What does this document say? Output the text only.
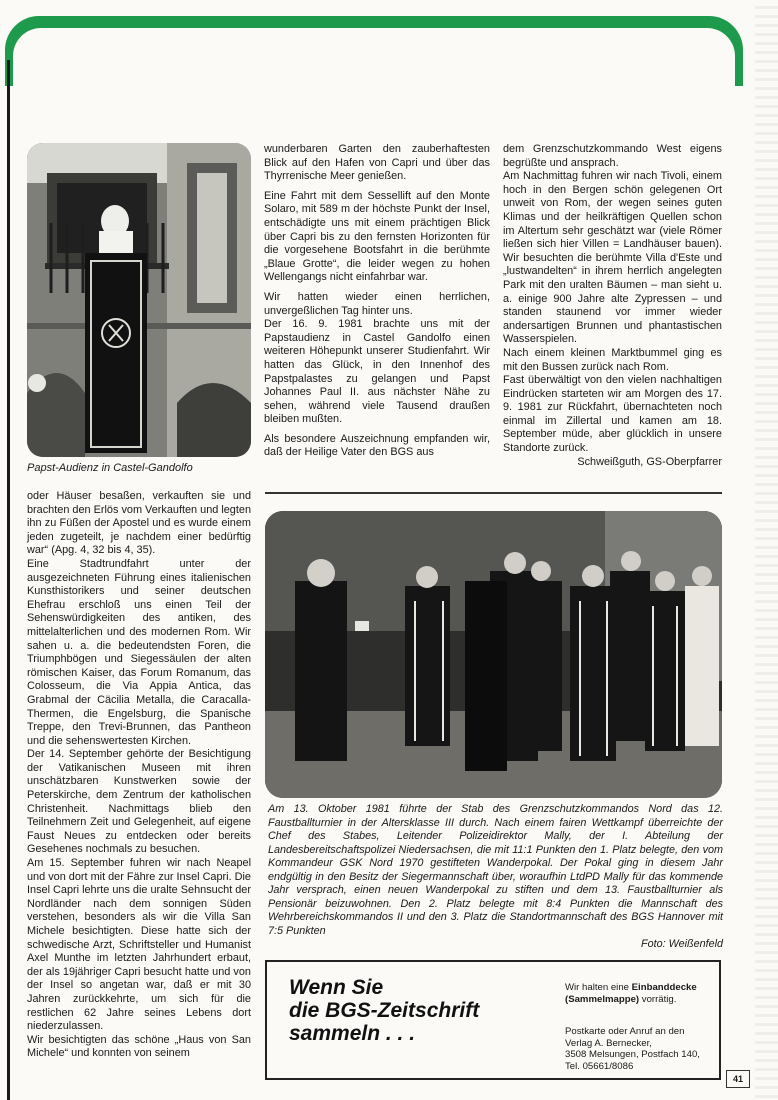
Papst-Audienz in Castel-Gandolfo

wunderbaren Garten den zauberhaftesten Blick auf den Hafen von Capri und über das Thyrrenische Meer genießen.

Eine Fahrt mit dem Sessellift auf den Monte Solaro, mit 589 m der höchste Punkt der Insel, entschädigte uns mit einem prächtigen Blick über Capri bis zu den fernsten Horizonten für die vorgesehene Bootsfahrt in die berühmte „Blaue Grotte“, die leider wegen zu hohen Wellengangs nicht einfahrbar war.

Wir hatten wieder einen herrlichen, unvergeßlichen Tag hinter uns.

Der 16. 9. 1981 brachte uns mit der Papstaudienz in Castel Gandolfo einen weiteren Höhepunkt unserer Studienfahrt. Wir hatten das Glück, in den Innenhof des Papstpalastes zu gelangen und Papst Johannes Paul II. aus nächster Nähe zu sehen, während viele Tausend draußen bleiben mußten.

Als besondere Auszeichnung empfanden wir, daß der Heilige Vater den BGS aus

dem Grenzschutzkommando West eigens begrüßte und ansprach.

Am Nachmittag fuhren wir nach Tivoli, einem hoch in den Bergen schön gelegenen Ort unweit von Rom, der wegen seines guten Klimas und der heilkräftigen Quellen schon im Altertum sehr geschätzt war (viele Römer ließen sich hier Villen = Landhäuser bauen). Wir besuchten die berühmte Villa d'Este und „lustwandelten“ in ihrem herrlich angelegten Park mit den uralten Bäumen – man sieht u. a. einige 900 Jahre alte Zypressen – und standen staunend vor immer wieder andersartigen Brunnen und phantastischen Wasserspielen.

Nach einem kleinen Marktbummel ging es mit den Bussen zurück nach Rom.

Fast überwältigt von den vielen nachhaltigen Eindrücken starteten wir am Morgen des 17. 9. 1981 zur Rückfahrt, übernachteten noch einmal im Zillertal und kamen am 18. September müde, aber glücklich in unsere Standorte zurück.

Schweißguth, GS-Oberpfarrer

oder Häuser besaßen, verkauften sie und brachten den Erlös vom Verkauften und legten ihn zu Füßen der Apostel und es wurde einem jeden zugeteilt, je nachdem einer bedürftig war“ (Apg. 4, 32 bis 4, 35).

Eine Stadtrundfahrt unter der ausgezeichneten Führung eines italienischen Kunsthistorikers und seiner deutschen Ehefrau erschloß uns einen Teil der Sehenswürdigkeiten des antiken, des mittelalterlichen und des modernen Rom. Wir sahen u. a. die bedeutendsten Foren, die Triumphbögen und Siegessäulen der alten römischen Kaiser, das Forum Romanum, das Colosseum, die Via Appia Antica, das Grabmal der Cäcilia Metalla, die Caracalla-Thermen, die Engelsburg, die Spanische Treppe, den Trevi-Brunnen, das Pantheon und die sehenswertesten Kirchen.

Der 14. September gehörte der Besichtigung der Vatikanischen Museen mit ihren unschätzbaren Kunstwerken sowie der Peterskirche, dem Zentrum der katholischen Christenheit. Nachmittags blieb den Teilnehmern Zeit und Gelegenheit, auf eigene Faust Neues zu entdecken oder bereits Gesehenes nochmals zu besuchen.

Am 15. September fuhren wir nach Neapel und von dort mit der Fähre zur Insel Capri. Die Insel Capri lehrte uns die uralte Sehnsucht der Nordländer nach dem sonnigen Süden verstehen, besonders als wir die Villa San Michele besichtigten. Diese hatte sich der schwedische Arzt, Schriftsteller und Humanist Axel Munthe im letzten Jahrhundert erbaut, der als 19jähriger Capri besucht hatte und von der Insel so angetan war, daß er mit 30 Jahren zurückkehrte, um sich für die restlichen 62 Jahre seines Lebens dort niederzulassen.

Wir besichtigten das schöne „Haus von San Michele“ und konnten von seinem

Am 13. Oktober 1981 führte der Stab des Grenzschutzkommandos Nord das 12. Faustballturnier in der Altersklasse III durch. Nach einem fairen Wettkampf überreichte der Chef des Stabes, Leitender Polizeidirektor Mally, der I. Abteilung der Landesbereitschaftspolizei Niedersachsen, die mit 11:1 Punkten den 1. Platz belegte, den vom Kommandeur GSK Nord 1970 gestifteten Wanderpokal. Der Pokal ging in diesem Jahr endgültig in den Besitz der Siegermannschaft über, woraufhin LtdPD Mally für das kommende Jahr versprach, einen neuen Wanderpokal zu stiften und dem 13. Faustballturnier als Pensionär beizuwohnen. Den 2. Platz belegte mit 8:4 Punkten die Mannschaft des Wehrbereichskommandos II und den 3. Platz die Standortmannschaft des BGS Hannover mit 7:5 Punkten
Foto: Weißenfeld
Wenn Sie
die BGS-Zeitschrift
sammeln . . .
Wir halten eine Einbanddecke (Sammelmappe) vorrätig.
Postkarte oder Anruf an den
Verlag A. Bernecker,
3508 Melsungen, Postfach 140,
Tel. 05661/8086
41
